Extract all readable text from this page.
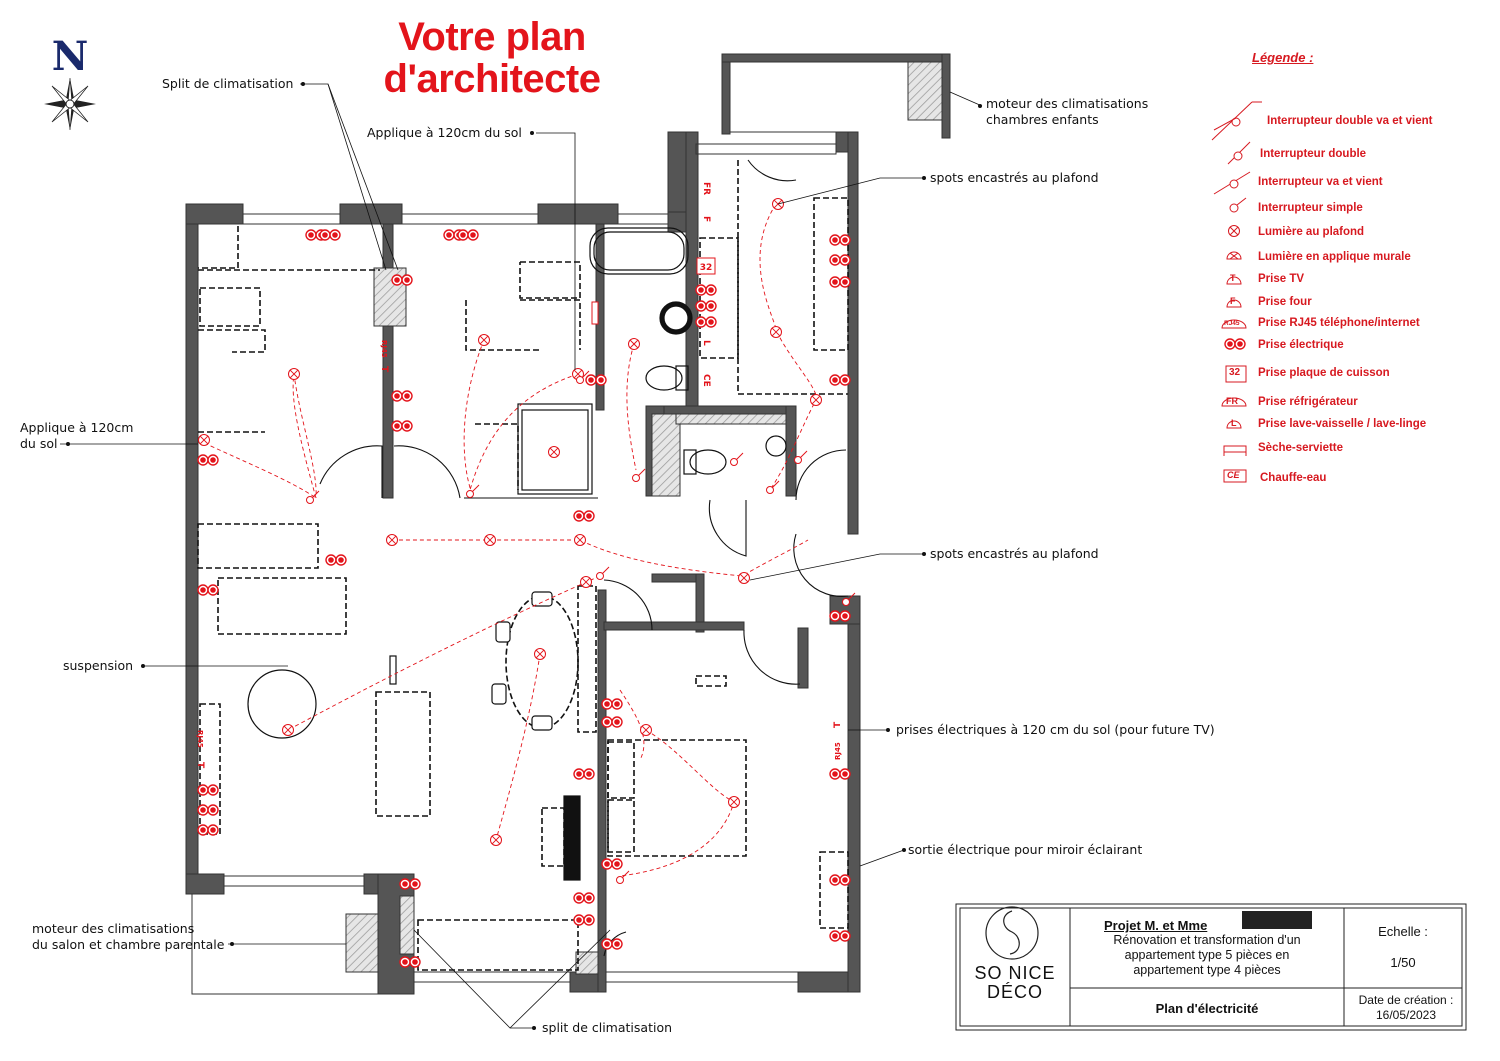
N
FR
F
32
CE
L
RJ45
T
RJ45
T
T
RJ45
Votre plan
d'architecte
Split de climatisation
Applique à 120cm du sol
Applique à 120cm
du sol
suspension
moteur des climatisations
du salon et chambre parentale
split de climatisation
moteur des climatisations
chambres enfants
spots encastrés au plafond
spots encastrés au plafond
prises électriques à 120 cm du sol (pour future TV)
sortie électrique pour miroir éclairant
Légende :
Interrupteur double va et vient
Interrupteur double
Interrupteur va et vient
Interrupteur simple
Lumière au plafond
Lumière en applique murale
Prise TV
Prise four
Prise RJ45 téléphone/internet
Prise électrique
Prise plaque de cuisson
Prise réfrigérateur
Prise lave-vaisselle / lave-linge
Sèche-serviette
Chauffe-eau
T
F
RJ45
32
FR
L
CE
SO NICE
DÉCO
Projet M. et Mme
Rénovation et transformation d'un
appartement type 5 pièces en
appartement type 4 pièces
Echelle :
1/50
Plan d'électricité
Date de création :
16/05/2023
